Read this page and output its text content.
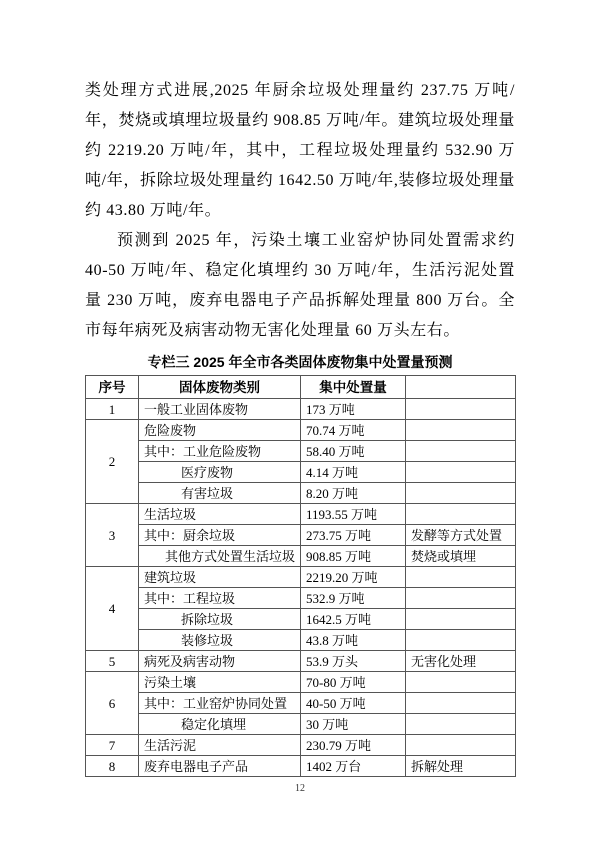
类处理方式进展,2025 年厨余垃圾处理量约 237.75 万吨/年，焚烧或填埋垃圾量约 908.85 万吨/年。建筑垃圾处理量约 2219.20 万吨/年，其中，工程垃圾处理量约 532.90 万吨/年，拆除垃圾处理量约 1642.50 万吨/年,装修垃圾处理量约 43.80 万吨/年。

预测到 2025 年，污染土壤工业窑炉协同处置需求约 40-50 万吨/年、稳定化填埋约 30 万吨/年，生活污泥处置量 230 万吨，废弃电器电子产品拆解处理量 800 万台。全市每年病死及病害动物无害化处理量 60 万头左右。

专栏三 2025 年全市各类固体废物集中处置量预测
序号	固体废物类别	集中处置量	
1	一般工业固体废物	173 万吨	
2	危险废物	70.74 万吨	
	其中：工业危险废物	58.40 万吨	
	医疗废物	4.14 万吨	
	有害垃圾	8.20 万吨	
3	生活垃圾	1193.55 万吨	
	其中：厨余垃圾	273.75 万吨	发酵等方式处置
	其他方式处置生活垃圾	908.85 万吨	焚烧或填埋
4	建筑垃圾	2219.20 万吨	
	其中：工程垃圾	532.9 万吨	
	拆除垃圾	1642.5 万吨	
	装修垃圾	43.8 万吨	
5	病死及病害动物	53.9 万头	无害化处理
6	污染土壤	70-80 万吨	
	其中：工业窑炉协同处置	40-50 万吨	
	稳定化填埋	30 万吨	
7	生活污泥	230.79 万吨	
8	废弃电器电子产品	1402 万台	拆解处理
12
